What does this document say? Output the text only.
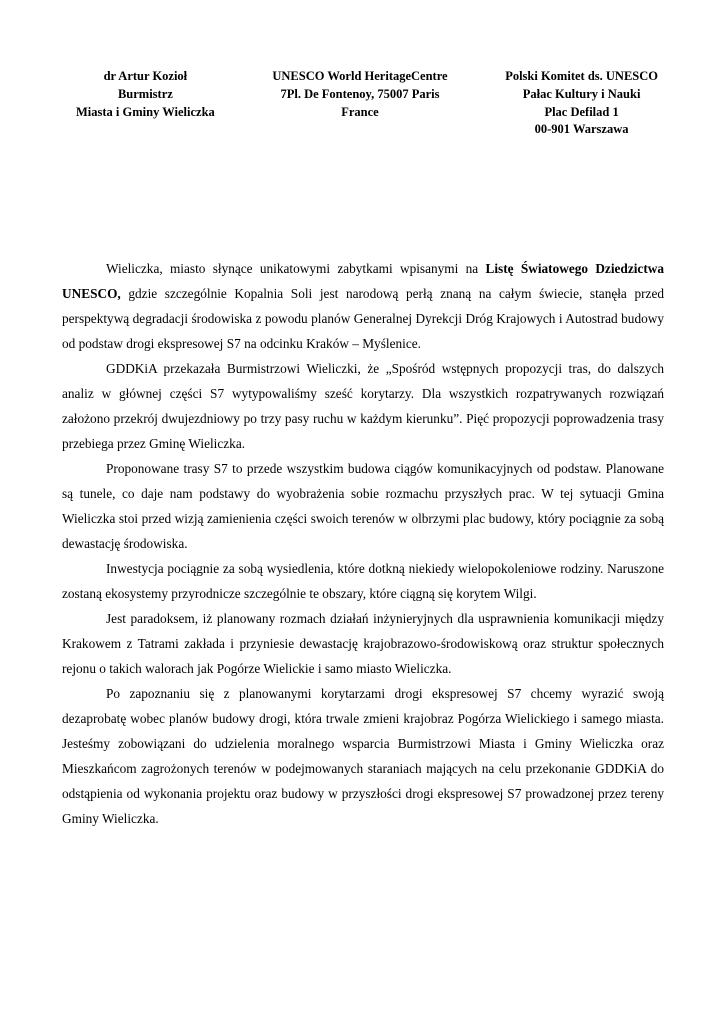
dr Artur Kozioł
Burmistrz
Miasta i Gminy Wieliczka
UNESCO World HeritageCentre
7Pl. De Fontenoy, 75007 Paris
France
Polski Komitet ds. UNESCO
Pałac Kultury i Nauki
Plac Defilad 1
00-901 Warszawa

Wieliczka, miasto słynące unikatowymi zabytkami wpisanymi na Listę Światowego Dziedzictwa UNESCO, gdzie szczególnie Kopalnia Soli jest narodową perłą znaną na całym świecie, stanęła przed perspektywą degradacji środowiska z powodu planów Generalnej Dyrekcji Dróg Krajowych i Autostrad budowy od podstaw drogi ekspresowej S7 na odcinku Kraków – Myślenice.

GDDKiA przekazała Burmistrzowi Wieliczki, że „Spośród wstępnych propozycji tras, do dalszych analiz w głównej części S7 wytypowaliśmy sześć korytarzy. Dla wszystkich rozpatrywanych rozwiązań założono przekrój dwujezdniowy po trzy pasy ruchu w każdym kierunku”. Pięć propozycji poprowadzenia trasy przebiega przez Gminę Wieliczka.

Proponowane trasy S7 to przede wszystkim budowa ciągów komunikacyjnych od podstaw. Planowane są tunele, co daje nam podstawy do wyobrażenia sobie rozmachu przyszłych prac. W tej sytuacji Gmina Wieliczka stoi przed wizją zamienienia części swoich terenów w olbrzymi plac budowy, który pociągnie za sobą dewastację środowiska.

Inwestycja pociągnie za sobą wysiedlenia, które dotkną niekiedy wielopokoleniowe rodziny. Naruszone zostaną ekosystemy przyrodnicze szczególnie te obszary, które ciągną się korytem Wilgi.

Jest paradoksem, iż planowany rozmach działań inżynieryjnych dla usprawnienia komunikacji między Krakowem z Tatrami zakłada i przyniesie dewastację krajobrazowo-środowiskową oraz struktur społecznych rejonu o takich walorach jak Pogórze Wielickie i samo miasto Wieliczka.

Po zapoznaniu się z planowanymi korytarzami drogi ekspresowej S7 chcemy wyrazić swoją dezaprobatę wobec planów budowy drogi, która trwale zmieni krajobraz Pogórza Wielickiego i samego miasta. Jesteśmy zobowiązani do udzielenia moralnego wsparcia Burmistrzowi Miasta i Gminy Wieliczka oraz Mieszkańcom zagrożonych terenów w podejmowanych staraniach mających na celu przekonanie GDDKiA do odstąpienia od wykonania projektu oraz budowy w przyszłości drogi ekspresowej S7 prowadzonej przez tereny Gminy Wieliczka.
